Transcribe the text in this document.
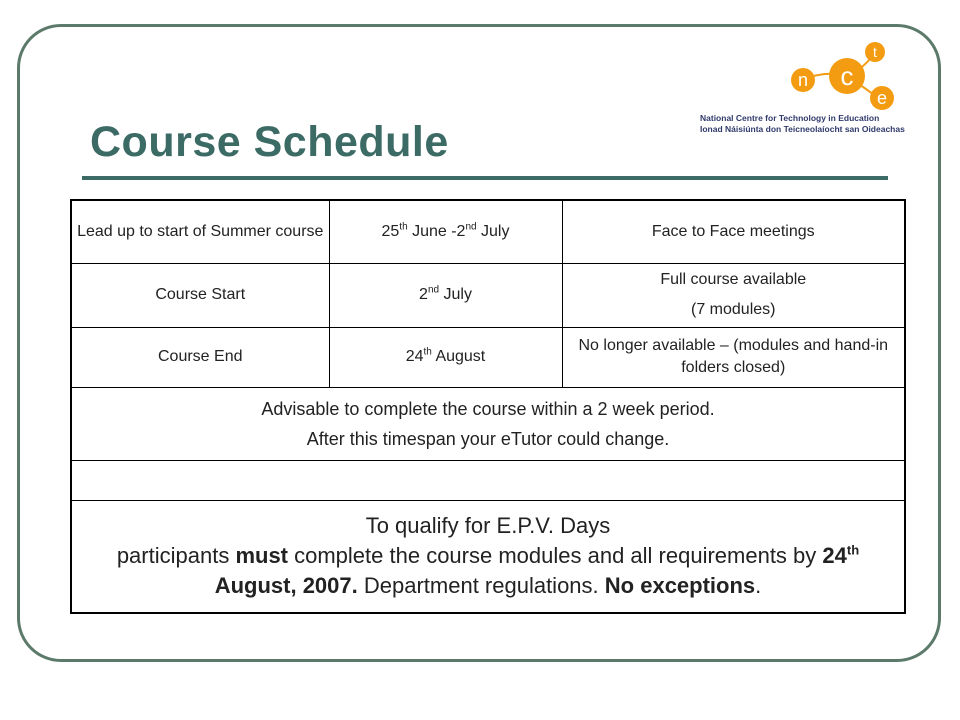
n c
t
e
National Centre for Technology in Education
Ionad Náisiúnta don Teicneolaíocht san Oideachas
Course Schedule
Lead up to start of Summer course	25th June -2nd July	Face to Face meetings
Course Start	2nd July	Full course available
(7 modules)
Course End	24th August	No longer available – (modules and hand-in folders closed)
Advisable to complete the course within a 2 week period.
After this timespan your eTutor could change.		

To qualify for E.P.V. Days
participants must complete the course modules and all requirements by 24th August, 2007. Department regulations. No exceptions.		
